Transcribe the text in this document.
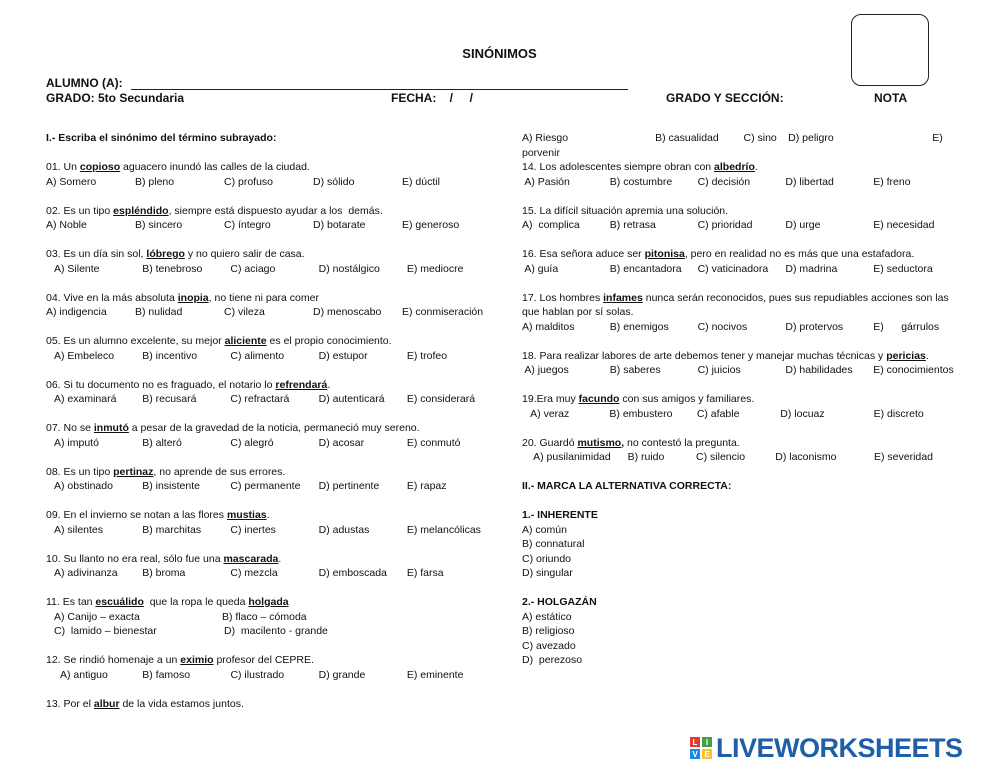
SINÓNIMOS
ALUMNO (A):
GRADO: 5to Secundaria	FECHA:    /     /	GRADO Y SECCIÓN:	NOTA
I.- Escriba el sinónimo del término subrayado:
01. Un copioso aguacero inundó las calles de la ciudad.
A) Somero	B) pleno	C) profuso	D) sólido	E) dúctil
02. Es un tipo espléndido, siempre está dispuesto ayudar a los  demás.
A) Noble	B) sincero	C) íntegro	D) botarate	E) generoso
03. Es un día sin sol, lóbrego y no quiero salir de casa.
A) Silente	B) tenebroso	C) aciago	D) nostálgico	E) mediocre
04. Vive en la más absoluta inopia, no tiene ni para comer
A) indigencia	B) nulidad	C) vileza	D) menoscabo	E) conmiseración
05. Es un alumno excelente, su mejor aliciente es el propio conocimiento.
A) Embeleco	B) incentivo	C) alimento	D) estupor	E) trofeo
06. Si tu documento no es fraguado, el notario lo refrendará.
A) examinará	B) recusará	C) refractará	D) autenticará	E) considerará
07. No se inmutó a pesar de la gravedad de la noticia, permaneció muy sereno.
A) imputó	B) alteró	C) alegró	D) acosar	E) conmutó
08. Es un tipo pertinaz, no aprende de sus errores.
A) obstinado	B) insistente	C) permanente	D) pertinente	E) rapaz
09. En el invierno se notan a las flores mustias.
A) silentes	B) marchitas	C) inertes	D) adustas	E) melancólicas
10. Su llanto no era real, sólo fue una mascarada.
A) adivinanza	B) broma	C) mezcla	D) emboscada	E) farsa
11. Es tan escuálido  que la ropa le queda holgada
A) Canijo – exacta	B) flaco – cómoda
C)  lamido – bienestar	D)  macilento - grande
12. Se rindió homenaje a un eximio profesor del CEPRE.
A) antiguo	B) famoso	C) ilustrado	D) grande	E) eminente
13. Por el albur de la vida estamos juntos.
A) Riesgo	B) casualidad	C) sino	D) peligro	E)
porvenir
14. Los adolescentes siempre obran con albedrío.
A) Pasión	B) costumbre	C) decisión	D) libertad	E) freno
15. La difícil situación apremia una solución.
A)  complica	B) retrasa	C) prioridad	D) urge	E) necesidad
16. Esa señora aduce ser pitonisa, pero en realidad no es más que una estafadora.
A) guía	B) encantadora	C) vaticinadora	D) madrina	E) seductora
17. Los hombres infames nunca serán reconocidos, pues sus repudiables acciones son las
que hablan por sí solas.
A) malditos	B) enemigos	C) nocivos	D) protervos	E)      gárrulos
18. Para realizar labores de arte debemos tener y manejar muchas técnicas y pericias.
A) juegos	B) saberes	C) juicios	D) habilidades	E) conocimientos
19.Era muy facundo con sus amigos y familiares.
A) veraz	B) embustero	C) afable	D) locuaz	E) discreto
20. Guardó mutismo, no contestó la pregunta.
A) pusilanimidad	B) ruido	C) silencio	D) laconismo	E) severidad
II.- MARCA LA ALTERNATIVA CORRECTA:
1.- INHERENTE
A) común
B) connatural
C) oriundo
D) singular
2.- HOLGAZÁN
A) estático
B) religioso
C) avezado
D)  perezoso
L	I
V E LIVEWORKSHEETS
